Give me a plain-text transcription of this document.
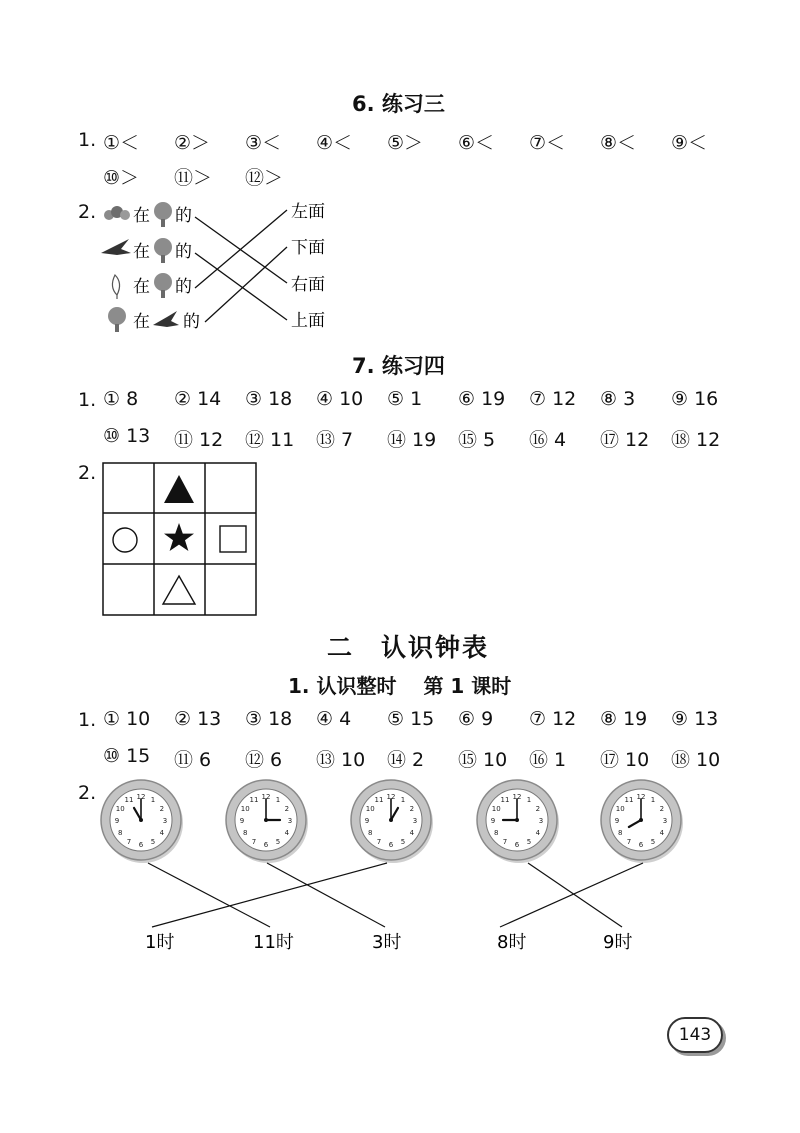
6. 练习三
1. ①＜ ②＞ ③＜ ④＜ ⑤＞ ⑥＜ ⑦＜ ⑧＜ ⑨＜
⑩＞ ⑪＞ ⑫＞
2. 在 的
在 的
在 的
在 的
左面
下面
右面
上面
7. 练习四
1. ① 8 ② 14 ③ 18 ④ 10 ⑤ 1 ⑥ 19 ⑦ 12 ⑧ 3 ⑨ 16
⑩ 13 ⑪ 12 ⑫ 11 ⑬ 7 ⑭ 19 ⑮ 5 ⑯ 4 ⑰ 12 ⑱ 12
2.
二　认识钟表
1. 认识整时　 第 1 课时
1. ① 10 ② 13 ③ 18 ④ 4 ⑤ 15 ⑥ 9 ⑦ 12 ⑧ 19 ⑨ 13
⑩ 15 ⑪ 6 ⑫ 6 ⑬ 10 ⑭ 2 ⑮ 10 ⑯ 1 ⑰ 10 ⑱ 10
2.	1
2
3
4
5
6
7
8
9
10
11 12	1
2
3
4
5
6
7
8
9
10
11 12	1
2
3
4
5
6
7
8
9
10
11 12	1
2
3
4
5
6
7
8
9
10
11 12	1
2
3
4
5
6
7
8
9
10
11 12
1时	11时	3时	8时	9时
143
